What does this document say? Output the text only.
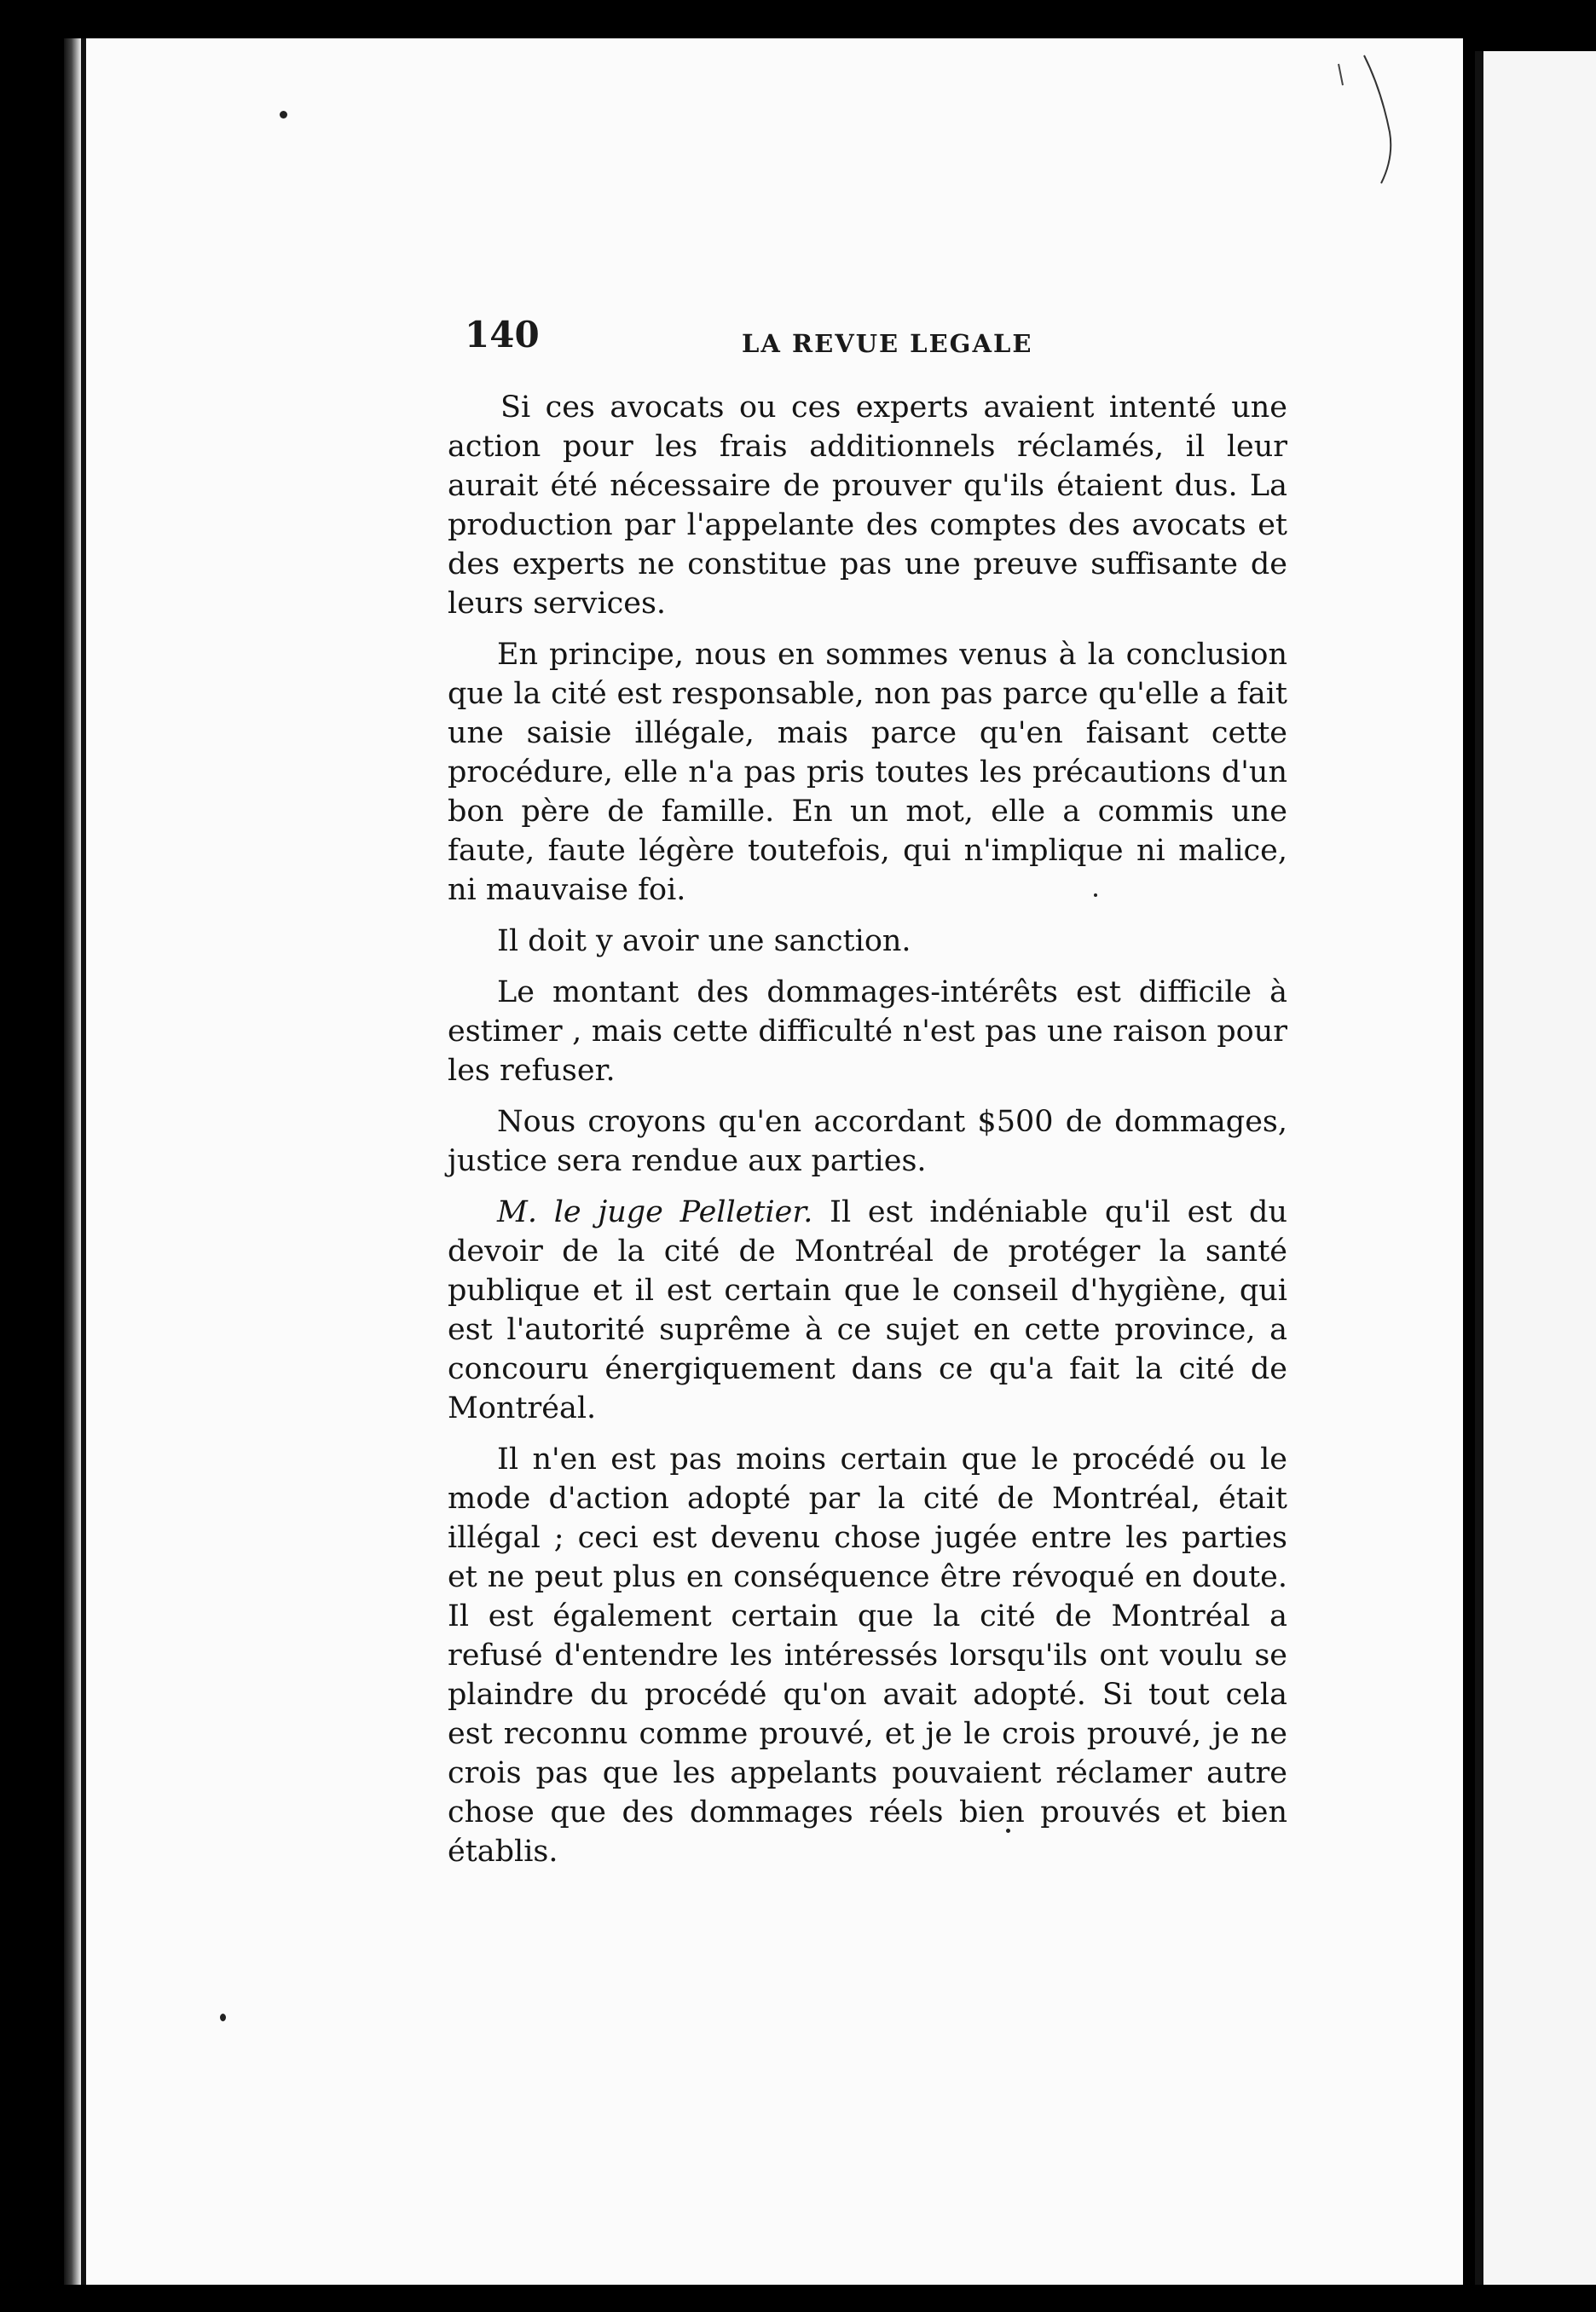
140	LA REVUE LEGALE

Si ces avocats ou ces experts avaient intenté une action pour les frais additionnels réclamés, il leur aurait été nécessaire de prouver qu'ils étaient dus. La production par l'appelante des comptes des avocats et des experts ne constitue pas une preuve suffisante de leurs services.

En principe, nous en sommes venus à la conclusion que la cité est responsable, non pas parce qu'elle a fait une saisie illégale, mais parce qu'en faisant cette procédure, elle n'a pas pris toutes les précautions d'un bon père de famille. En un mot, elle a commis une faute, faute légère toutefois, qui n'implique ni malice, ni mauvaise foi.

Il doit y avoir une sanction.

Le montant des dommages-intérêts est difficile à estimer , mais cette difficulté n'est pas une raison pour les refuser.

Nous croyons qu'en accordant $500 de dommages, justice sera rendue aux parties.

M. le juge Pelletier. Il est indéniable qu'il est du devoir de la cité de Montréal de protéger la santé publique et il est certain que le conseil d'hygiène, qui est l'autorité suprême à ce sujet en cette province, a concouru énergiquement dans ce qu'a fait la cité de Montréal.

Il n'en est pas moins certain que le procédé ou le mode d'action adopté par la cité de Montréal, était illégal ; ceci est devenu chose jugée entre les parties et ne peut plus en conséquence être révoqué en doute. Il est également certain que la cité de Montréal a refusé d'entendre les intéressés lorsqu'ils ont voulu se plaindre du procédé qu'on avait adopté. Si tout cela est reconnu comme prouvé, et je le crois prouvé, je ne crois pas que les appelants pouvaient réclamer autre chose que des dommages réels bien prouvés et bien établis.
